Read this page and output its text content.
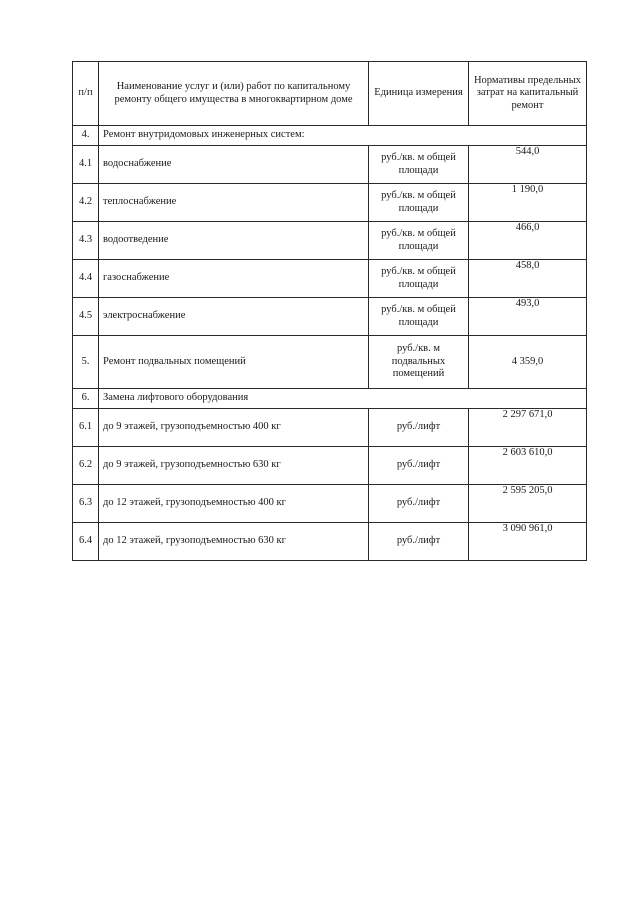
п/п	Наименование услуг и (или) работ по капитальному ремонту общего имущества в многоквартирном доме	Единица измерения	Нормативы предельных затрат на капитальный ремонт
4.	Ремонт внутридомовых инженерных систем:		
4.1	водоснабжение	руб./кв. м общей площади	544,0
4.2	теплоснабжение	руб./кв. м общей площади	1 190,0
4.3	водоотведение	руб./кв. м общей площади	466,0
4.4	газоснабжение	руб./кв. м общей площади	458,0
4.5	электроснабжение	руб./кв. м общей площади	493,0
5.	Ремонт подвальных помещений	руб./кв. м подвальных помещений	4 359,0
6.	Замена лифтового оборудования		
6.1	до 9 этажей, грузоподъемностью 400 кг	руб./лифт	2 297 671,0
6.2	до 9 этажей, грузоподъемностью 630 кг	руб./лифт	2 603 610,0
6.3	до 12 этажей, грузоподъемностью 400 кг	руб./лифт	2 595 205,0
6.4	до 12 этажей, грузоподъемностью 630 кг	руб./лифт	3 090 961,0
